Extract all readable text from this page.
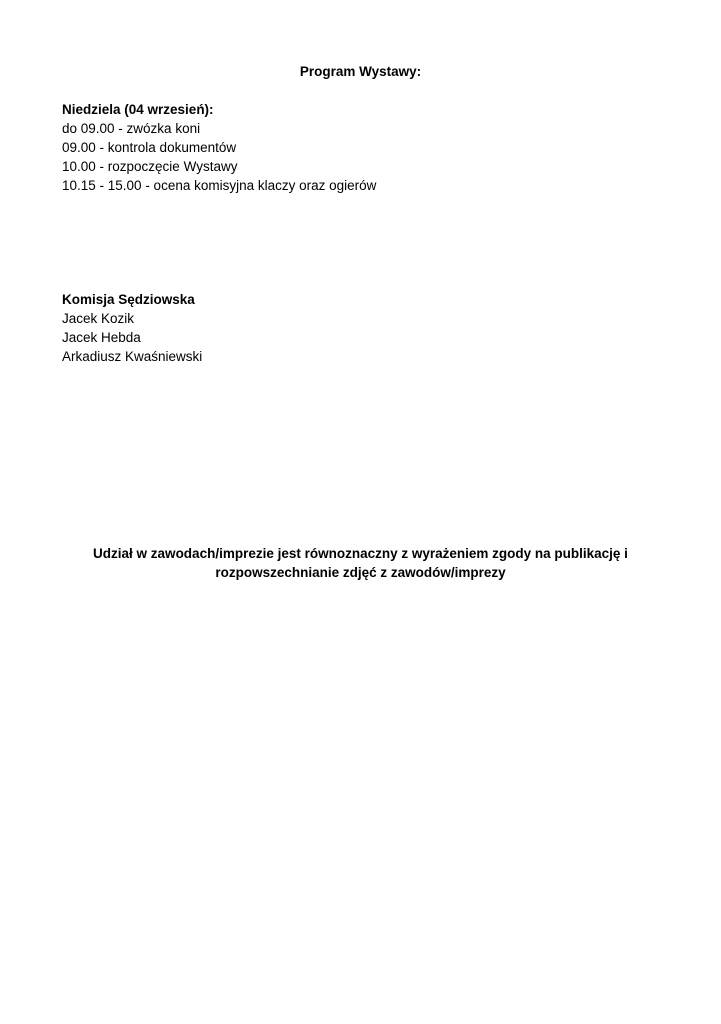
Program Wystawy:
Niedziela (04 wrzesień):
do 09.00 - zwózka koni
09.00 - kontrola dokumentów
10.00 - rozpoczęcie Wystawy
10.15 - 15.00 - ocena komisyjna klaczy oraz ogierów
Komisja Sędziowska
Jacek Kozik
Jacek Hebda
Arkadiusz Kwaśniewski
Udział w zawodach/imprezie jest równoznaczny z wyrażeniem zgody na publikację i
rozpowszechnianie zdjęć z zawodów/imprezy
